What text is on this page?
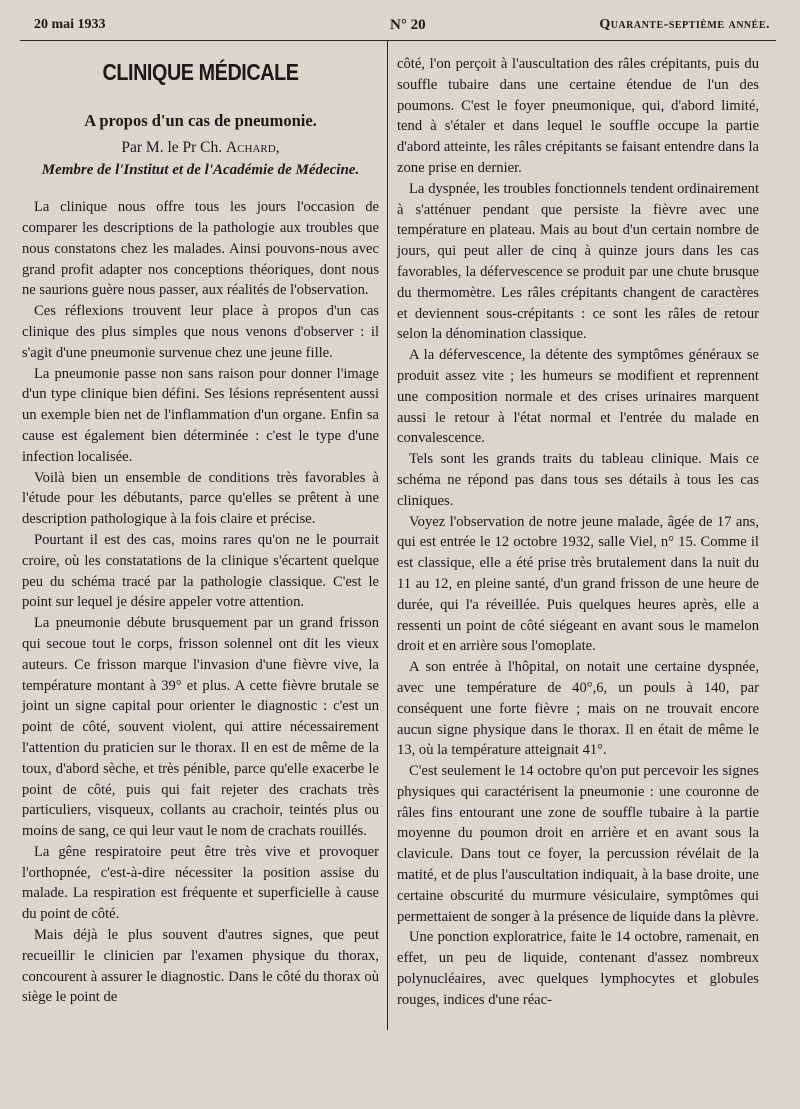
20 mai 1933	N° 20	Quarante-septième année.
CLINIQUE MÉDICALE
A propos d'un cas de pneumonie.
Par M. le Pr Ch. Achard,
Membre de l'Institut et de l'Académie de Médecine.

La clinique nous offre tous les jours l'occasion de comparer les descriptions de la pathologie aux troubles que nous constatons chez les malades. Ainsi pouvons-nous avec grand profit adapter nos conceptions théoriques, dont nous ne saurions guère nous passer, aux réalités de l'observation.

Ces réflexions trouvent leur place à propos d'un cas clinique des plus simples que nous venons d'observer : il s'agit d'une pneumonie survenue chez une jeune fille.

La pneumonie passe non sans raison pour donner l'image d'un type clinique bien défini. Ses lésions représentent aussi un exemple bien net de l'inflammation d'un organe. Enfin sa cause est également bien déterminée : c'est le type d'une infection localisée.

Voilà bien un ensemble de conditions très favorables à l'étude pour les débutants, parce qu'elles se prêtent à une description pathologique à la fois claire et précise.

Pourtant il est des cas, moins rares qu'on ne le pourrait croire, où les constatations de la clinique s'écartent quelque peu du schéma tracé par la pathologie classique. C'est le point sur lequel je désire appeler votre attention.

La pneumonie débute brusquement par un grand frisson qui secoue tout le corps, frisson solennel ont dit les vieux auteurs. Ce frisson marque l'invasion d'une fièvre vive, la température montant à 39° et plus. A cette fièvre brutale se joint un signe capital pour orienter le diagnostic : c'est un point de côté, souvent violent, qui attire nécessairement l'attention du praticien sur le thorax. Il en est de même de la toux, d'abord sèche, et très pénible, parce qu'elle exacerbe le point de côté, puis qui fait rejeter des crachats très particuliers, visqueux, collants au crachoir, teintés plus ou moins de sang, ce qui leur vaut le nom de crachats rouillés.

La gêne respiratoire peut être très vive et provoquer l'orthopnée, c'est-à-dire nécessiter la position assise du malade. La respiration est fréquente et superficielle à cause du point de côté.

Mais déjà le plus souvent d'autres signes, que peut recueillir le clinicien par l'examen physique du thorax, concourent à assurer le diagnostic. Dans le côté du thorax où siège le point de

côté, l'on perçoit à l'auscultation des râles crépitants, puis du souffle tubaire dans une certaine étendue de l'un des poumons. C'est le foyer pneumonique, qui, d'abord limité, tend à s'étaler et dans lequel le souffle occupe la partie d'abord atteinte, les râles crépitants se faisant entendre dans la zone prise en dernier.

La dyspnée, les troubles fonctionnels tendent ordinairement à s'atténuer pendant que persiste la fièvre avec une température en plateau. Mais au bout d'un certain nombre de jours, qui peut aller de cinq à quinze jours dans les cas favorables, la défervescence se produit par une chute brusque du thermomètre. Les râles crépitants changent de caractères et deviennent sous-crépitants : ce sont les râles de retour selon la dénomination classique.

A la défervescence, la détente des symptômes généraux se produit assez vite ; les humeurs se modifient et reprennent une composition normale et des crises urinaires marquent aussi le retour à l'état normal et l'entrée du malade en convalescence.

Tels sont les grands traits du tableau clinique. Mais ce schéma ne répond pas dans tous ses détails à tous les cas cliniques.

Voyez l'observation de notre jeune malade, âgée de 17 ans, qui est entrée le 12 octobre 1932, salle Viel, n° 15. Comme il est classique, elle a été prise très brutalement dans la nuit du 11 au 12, en pleine santé, d'un grand frisson de une heure de durée, qui l'a réveillée. Puis quelques heures après, elle a ressenti un point de côté siégeant en avant sous le mamelon droit et en arrière sous l'omoplate.

A son entrée à l'hôpital, on notait une certaine dyspnée, avec une température de 40°,6, un pouls à 140, par conséquent une forte fièvre ; mais on ne trouvait encore aucun signe physique dans le thorax. Il en était de même le 13, où la température atteignait 41°.

C'est seulement le 14 octobre qu'on put percevoir les signes physiques qui caractérisent la pneumonie : une couronne de râles fins entourant une zone de souffle tubaire à la partie moyenne du poumon droit en arrière et en avant sous la clavicule. Dans tout ce foyer, la percussion révélait de la matité, et de plus l'auscultation indiquait, à la base droite, une certaine obscurité du murmure vésiculaire, symptômes qui permettaient de songer à la présence de liquide dans la plèvre.

Une ponction exploratrice, faite le 14 octobre, ramenait, en effet, un peu de liquide, contenant d'assez nombreux polynucléaires, avec quelques lymphocytes et globules rouges, indices d'une réac-
